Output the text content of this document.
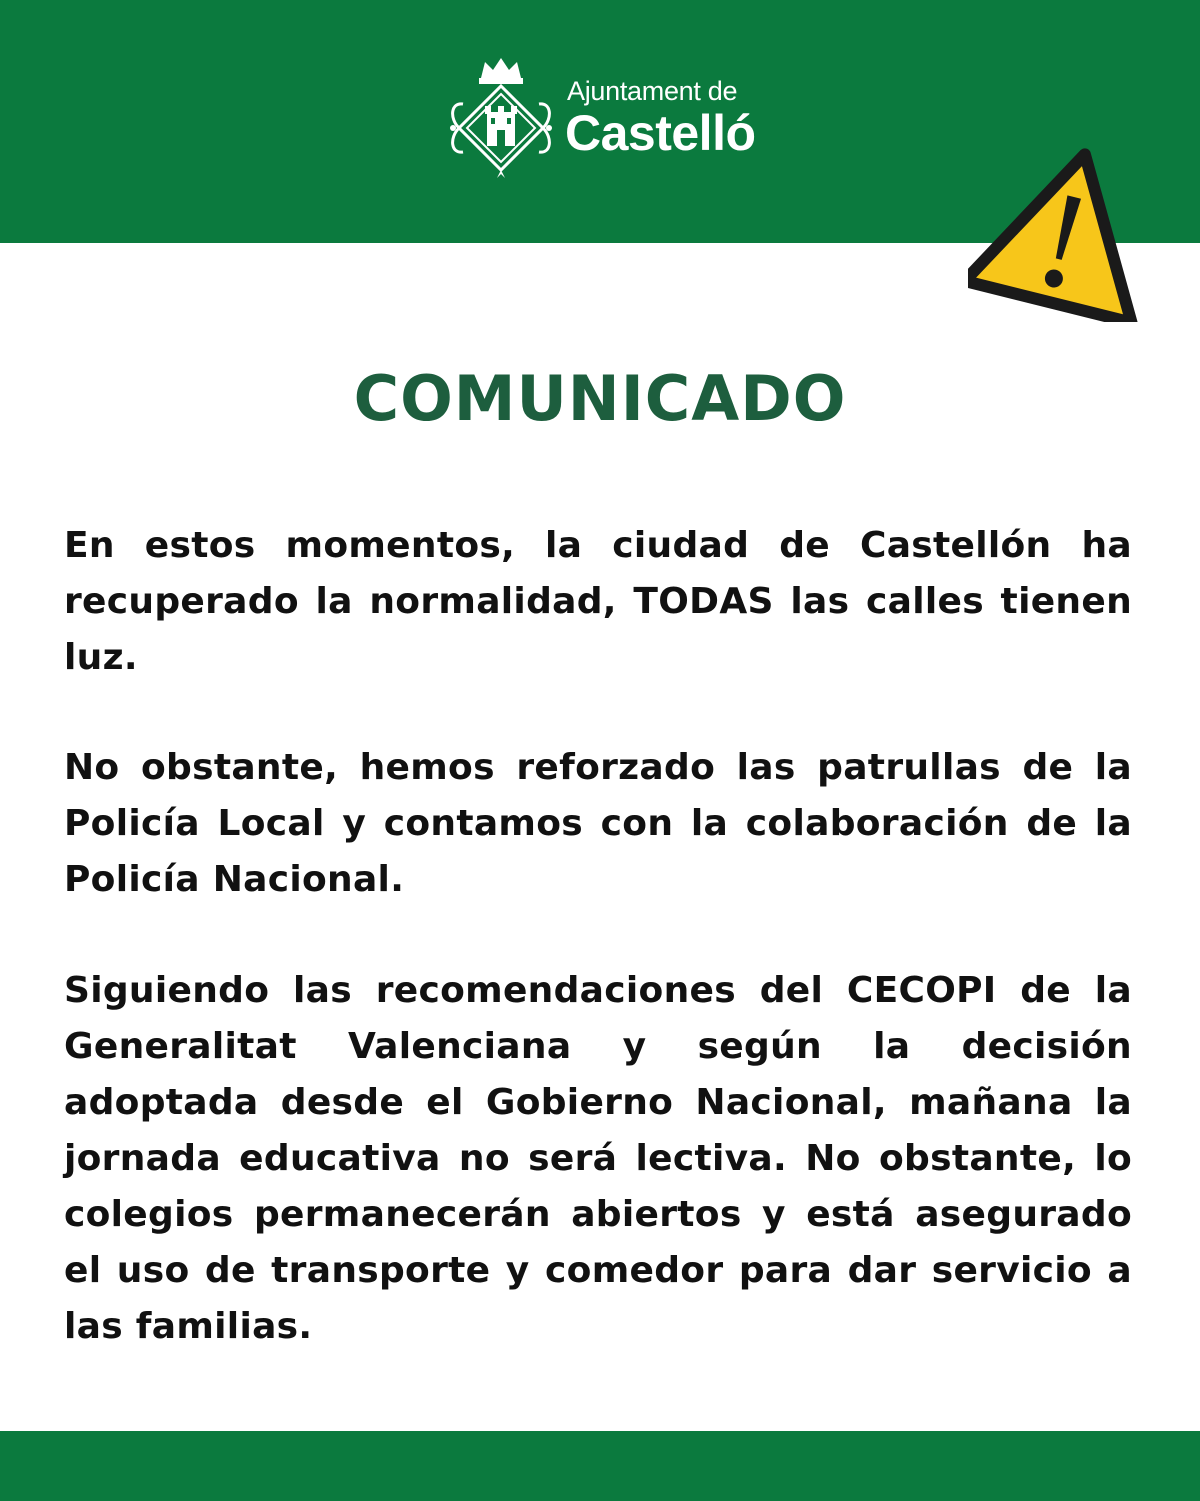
Ajuntament de
Castelló
COMUNICADO

En estos momentos, la ciudad de Castellón ha recuperado la normalidad, TODAS las calles tienen luz.

No obstante, hemos reforzado las patrullas de la Policía Local y contamos con la colaboración de la Policía Nacional.

Siguiendo las recomendaciones del CECOPI de la Generalitat Valenciana y según la decisión adoptada desde el Gobierno Nacional, mañana la jornada educativa no será lectiva. No obstante, lo colegios permanecerán abiertos y está asegurado el uso de transporte y comedor para dar servicio a las familias.
